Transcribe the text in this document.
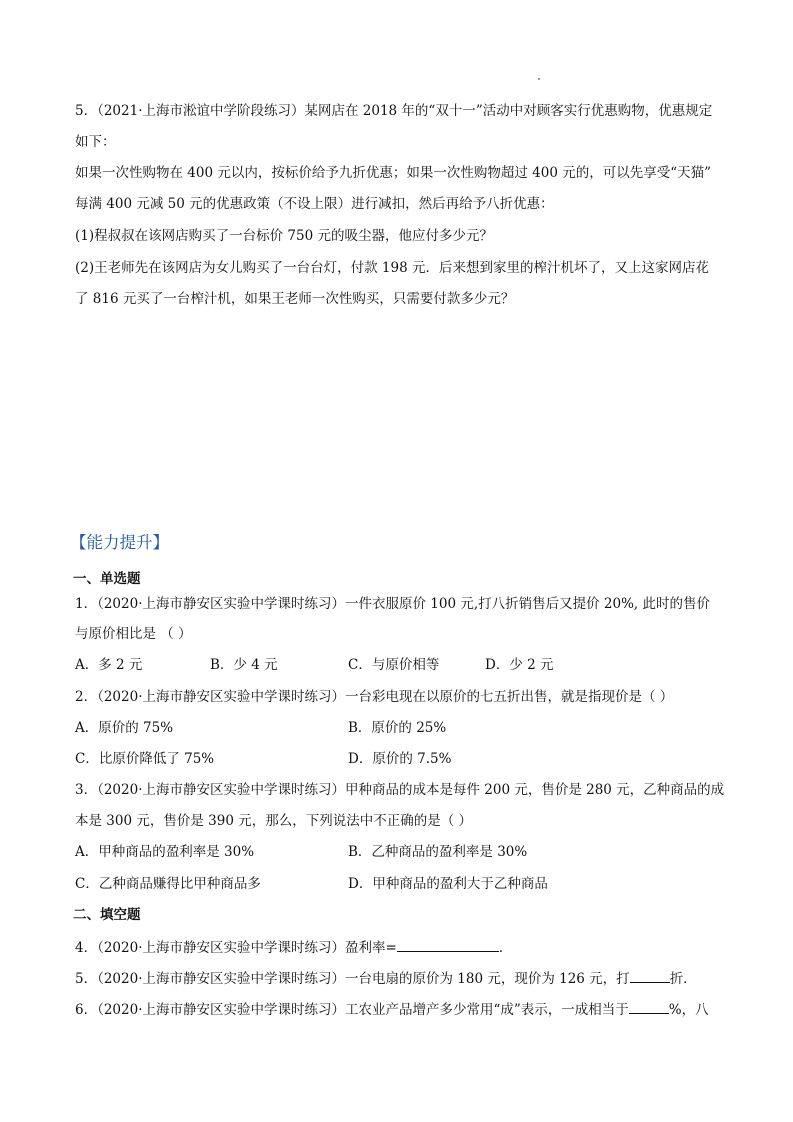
5．（2021·上海市淞谊中学阶段练习）某网店在 2018 年的“双十一”活动中对顾客实行优惠购物，优惠规定
如下：
如果一次性购物在 400 元以内，按标价给予九折优惠；如果一次性购物超过 400 元的，可以先享受“天猫”
每满 400 元减 50 元的优惠政策（不设上限）进行减扣，然后再给予八折优惠：
(1)程叔叔在该网店购买了一台标价 750 元的吸尘器，他应付多少元？
(2)王老师先在该网店为女儿购买了一台台灯，付款 198 元．后来想到家里的榨汁机坏了，又上这家网店花
了 816 元买了一台榨汁机，如果王老师一次性购买，只需要付款多少元？
【能力提升】
一、单选题
1．（2020·上海市静安区实验中学课时练习）一件衣服原价 100 元,打八折销售后又提价 20%, 此时的售价
与原价相比是 （ ）
A．多 2 元	B．少 4 元	C．与原价相等	D．少 2 元
2．（2020·上海市静安区实验中学课时练习）一台彩电现在以原价的七五折出售，就是指现价是（ ）
A．原价的 75%	B．原价的 25%
C．比原价降低了 75%	D．原价的 7.5%
3．（2020·上海市静安区实验中学课时练习）甲种商品的成本是每件 200 元，售价是 280 元，乙种商品的成
本是 300 元，售价是 390 元，那么，下列说法中不正确的是（ ）
A．甲种商品的盈利率是 30%	B．乙种商品的盈利率是 30%
C．乙种商品赚得比甲种商品多	D．甲种商品的盈利大于乙种商品
二、填空题
4．（2020·上海市静安区实验中学课时练习）盈利率=	．
5．（2020·上海市静安区实验中学课时练习）一台电扇的原价为 180 元，现价为 126 元，打	折．
6．（2020·上海市静安区实验中学课时练习）工农业产品增产多少常用“成”表示，一成相当于	%，八
